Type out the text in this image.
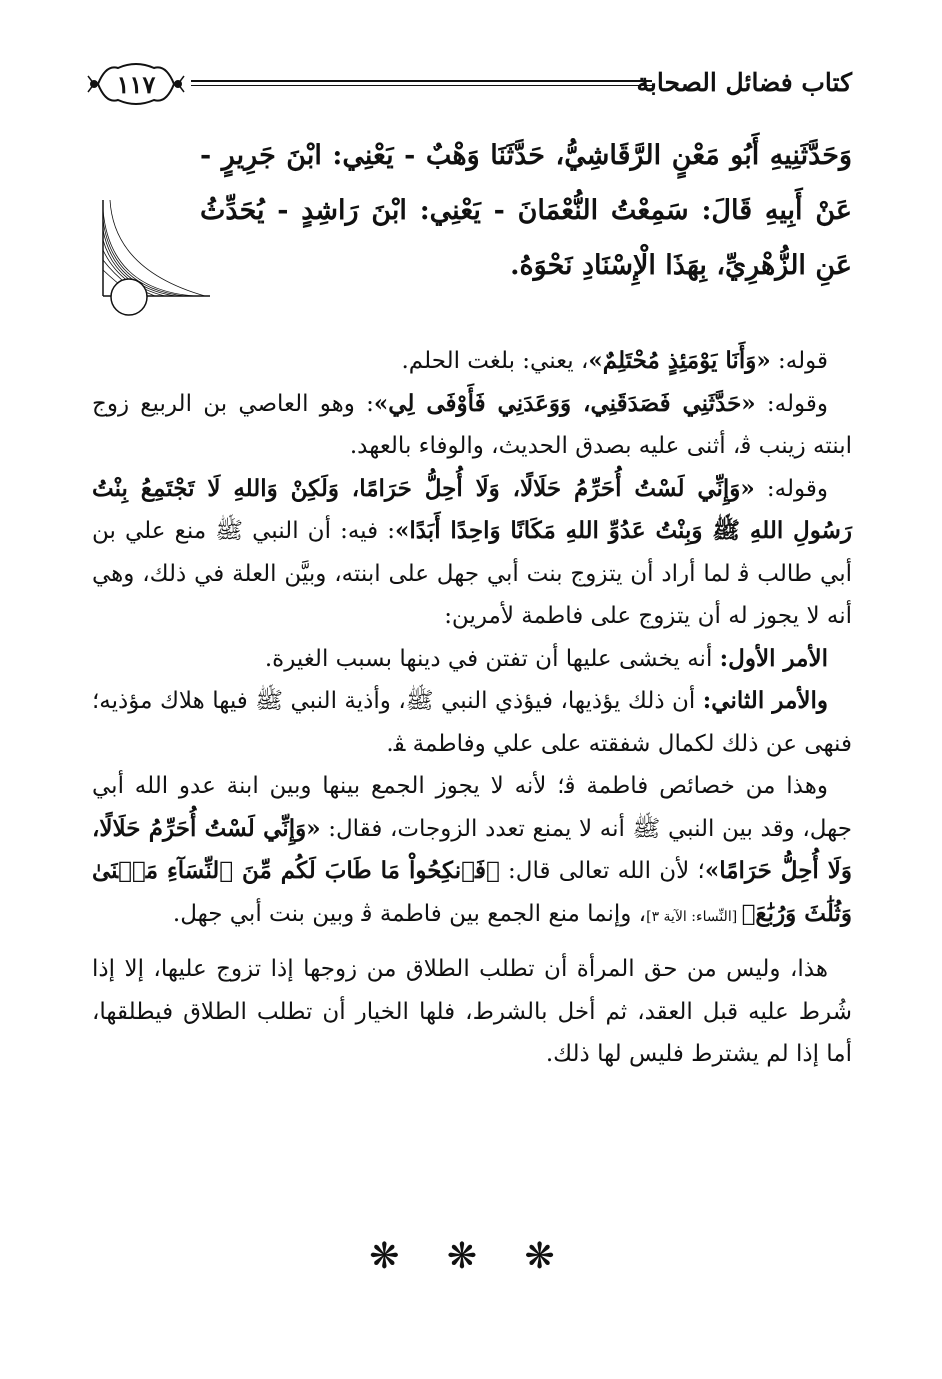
كتاب فضائل الصحابة
١١٧
وَحَدَّثَنِيهِ أَبُو مَعْنٍ الرَّقَاشِيُّ، حَدَّثَنَا وَهْبٌ - يَعْنِي: ابْنَ جَرِيرٍ - عَنْ أَبِيهِ قَالَ: سَمِعْتُ النُّعْمَانَ - يَعْنِي: ابْنَ رَاشِدٍ - يُحَدِّثُ عَنِ الزُّهْرِيِّ، بِهَذَا الْإِسْنَادِ نَحْوَهُ.

قوله: «وَأَنَا يَوْمَئِذٍ مُحْتَلِمٌ»، يعني: بلغت الحلم.

وقوله: «حَدَّثَنِي فَصَدَقَنِي، وَوَعَدَنِي فَأَوْفَى لِي»: وهو العاصي بن الربيع زوج ابنته زينب ﭬ، أثنى عليه بصدق الحديث، والوفاء بالعهد.

وقوله: «وَإِنِّي لَسْتُ أُحَرِّمُ حَلَالًا، وَلَا أُحِلُّ حَرَامًا، وَلَكِنْ وَاللهِ لَا تَجْتَمِعُ بِنْتُ رَسُولِ اللهِ ﷺ وَبِنْتُ عَدُوِّ اللهِ مَكَانًا وَاحِدًا أَبَدًا»: فيه: أن النبي ﷺ منع علي بن أبي طالب ﭬ لما أراد أن يتزوج بنت أبي جهل على ابنته، وبيَّن العلة في ذلك، وهي أنه لا يجوز له أن يتزوج على فاطمة لأمرين:

الأمر الأول: أنه يخشى عليها أن تفتن في دينها بسبب الغيرة.

والأمر الثاني: أن ذلك يؤذيها، فيؤذي النبي ﷺ، وأذية النبي ﷺ فيها هلاك مؤذيه؛ فنهى عن ذلك لكمال شفقته على علي وفاطمة ﭭ.

وهذا من خصائص فاطمة ﭬ؛ لأنه لا يجوز الجمع بينها وبين ابنة عدو الله أبي جهل، وقد بين النبي ﷺ أنه لا يمنع تعدد الزوجات، فقال: «وَإِنِّي لَسْتُ أُحَرِّمُ حَلَالًا، وَلَا أُحِلُّ حَرَامًا»؛ لأن الله تعالى قال: ﴿فَٱنكِحُواْ مَا طَابَ لَكُم مِّنَ ٱلنِّسَآءِ مَثۡنَىٰ وَثُلَٰثَ وَرُبَٰعَ﴾ [النِّساء: الآية ٣]، وإنما منع الجمع بين فاطمة ﭬ وبين بنت أبي جهل.

هذا، وليس من حق المرأة أن تطلب الطلاق من زوجها إذا تزوج عليها، إلا إذا شُرط عليه قبل العقد، ثم أخل بالشرط، فلها الخيار أن تطلب الطلاق فيطلقها، أما إذا لم يشترط فليس لها ذلك.

❋ ❋ ❋
